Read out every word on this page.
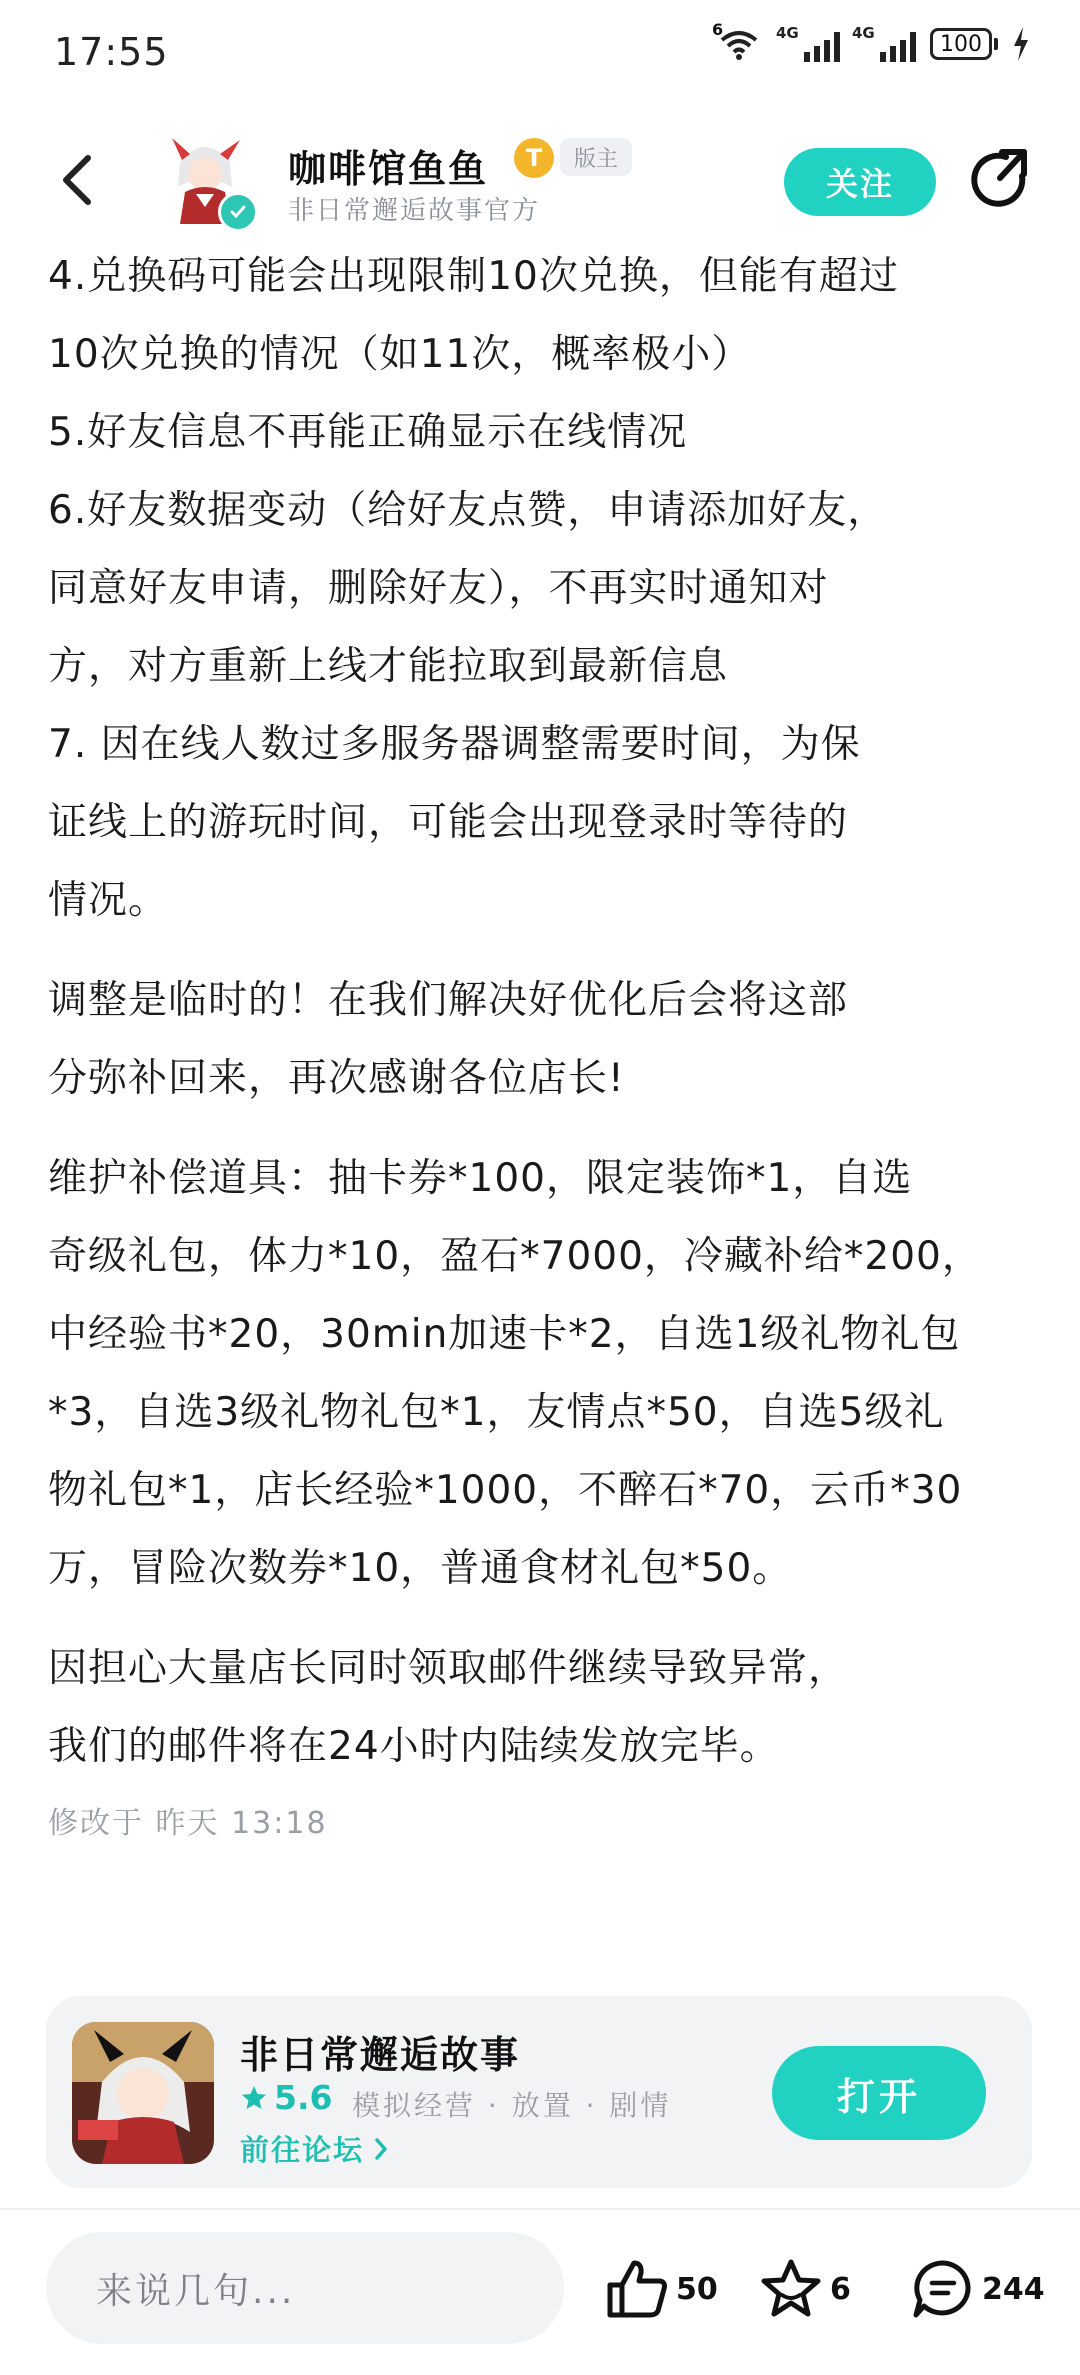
17:55
6	4G	4G	100
咖啡馆鱼鱼	T	版主
非日常邂逅故事官方
关注

4.兑换码可能会出现限制10次兑换，但能有超过

10次兑换的情况（如11次，概率极小）

5.好友信息不再能正确显示在线情况

6.好友数据变动（给好友点赞，申请添加好友，

同意好友申请，删除好友），不再实时通知对

方，对方重新上线才能拉取到最新信息

7. 因在线人数过多服务器调整需要时间，为保

证线上的游玩时间，可能会出现登录时等待的

情况。

调整是临时的！在我们解决好优化后会将这部

分弥补回来，再次感谢各位店长!

维护补偿道具：抽卡券*100，限定装饰*1，自选

奇级礼包，体力*10，盈石*7000，冷藏补给*200，

中经验书*20，30min加速卡*2，自选1级礼物礼包

*3，自选3级礼物礼包*1，友情点*50，自选5级礼

物礼包*1，店长经验*1000，不醉石*70，云币*30

万，冒险次数券*10，普通食材礼包*50。

因担心大量店长同时领取邮件继续导致异常，

我们的邮件将在24小时内陆续发放完毕。

修改于 昨天 13:18
非日常邂逅故事
5.6 模拟经营 · 放置 · 剧情
前往论坛
打开
来说几句...	50	6	244
